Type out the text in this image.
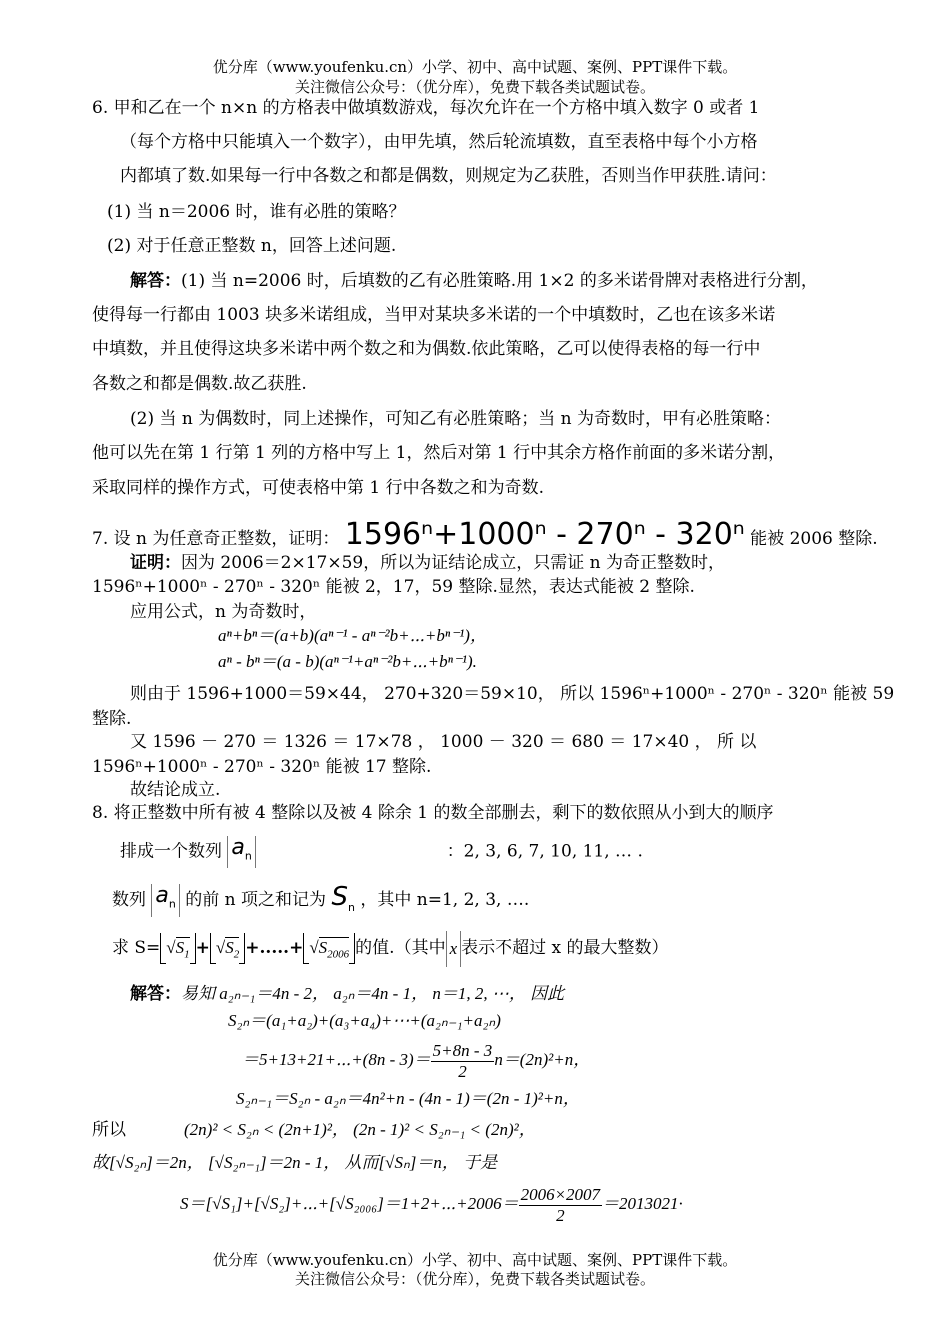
优分库（www.youfenku.cn）小学、初中、高中试题、案例、PPT课件下载。
关注微信公众号：（优分库），免费下载各类试题试卷。
6. 甲和乙在一个 n×n 的方格表中做填数游戏，每次允许在一个方格中填入数字 0 或者 1
（每个方格中只能填入一个数字），由甲先填，然后轮流填数，直至表格中每个小方格
内都填了数.如果每一行中各数之和都是偶数，则规定为乙获胜，否则当作甲获胜.请问：
(1) 当 n＝2006 时，谁有必胜的策略？
(2) 对于任意正整数 n，回答上述问题.
解答：(1) 当 n=2006 时，后填数的乙有必胜策略.用 1×2 的多米诺骨牌对表格进行分割，
使得每一行都由 1003 块多米诺组成，当甲对某块多米诺的一个中填数时，乙也在该多米诺
中填数，并且使得这块多米诺中两个数之和为偶数.依此策略，乙可以使得表格的每一行中
各数之和都是偶数.故乙获胜.
(2) 当 n 为偶数时，同上述操作，可知乙有必胜策略；当 n 为奇数时，甲有必胜策略：
他可以先在第 1 行第 1 列的方格中写上 1，然后对第 1 行中其余方格作前面的多米诺分割，
采取同样的操作方式，可使表格中第 1 行中各数之和为奇数.
7. 设 n 为任意奇正整数，证明： 1596ⁿ+1000ⁿ - 270ⁿ - 320ⁿ 能被 2006 整除.
证明：因为 2006＝2×17×59，所以为证结论成立，只需证 n 为奇正整数时，
1596ⁿ+1000ⁿ - 270ⁿ - 320ⁿ 能被 2，17，59 整除.显然，表达式能被 2 整除.
应用公式，n 为奇数时，
aⁿ+bⁿ＝(a+b)(aⁿ⁻¹ - aⁿ⁻²b+⋯+bⁿ⁻¹)，
aⁿ - bⁿ＝(a - b)(aⁿ⁻¹+aⁿ⁻²b+⋯+bⁿ⁻¹).
则由于 1596+1000＝59×44， 270+320＝59×10， 所以 1596ⁿ+1000ⁿ - 270ⁿ - 320ⁿ 能被 59
整除.
又 1596 － 270 ＝ 1326 ＝ 17×78 ， 1000 － 320 ＝ 680 ＝ 17×40 ， 所 以
1596ⁿ+1000ⁿ - 270ⁿ - 320ⁿ 能被 17 整除.
故结论成立.
8. 将正整数中所有被 4 整除以及被 4 除余 1 的数全部删去，剩下的数依照从小到大的顺序
排成一个数列 $a_n$	：2, 3, 6, 7, 10, 11, … .
数列 $a_n$ 的前 n 项之和记为 $S_n$ ，其中 n=1, 2, 3, ….
求 $S= √S_1 + √S_2$ +.....+ $√S_{2006}$ 的值.（其中 x 表示不超过 x 的最大整数）
解答：易知 a₂ₙ₋₁＝4n - 2， a₂ₙ＝4n - 1， n＝1, 2, ⋯， 因此
S₂ₙ＝(a₁+a₂)+(a₃+a₄)+⋯+(a₂ₙ₋₁+a₂ₙ)
＝5+13+21+⋯+(8n - $3)= \frac{5+8n - 3}{2} n=(2n)^2+n$，
S₂ₙ₋₁＝S₂ₙ - a₂ₙ＝4n²+n - (4n - 1)＝(2n - 1)²+n，
所以	(2n)² < S₂ₙ < (2n+1)²， (2n - 1)² < S₂ₙ₋₁ < (2n)²，
故[√S₂ₙ]＝2n， [√S₂ₙ₋₁]＝2n - 1， 从而[√Sₙ]＝n， 于是
S＝[√S₁]+[√S₂]+⋯+[√S₂₀₀₆]＝1+2+⋯+2006＝ $\frac{2006\times 2007}{2} =2013021\cdot$
优分库（www.youfenku.cn）小学、初中、高中试题、案例、PPT课件下载。
关注微信公众号：（优分库），免费下载各类试题试卷。
